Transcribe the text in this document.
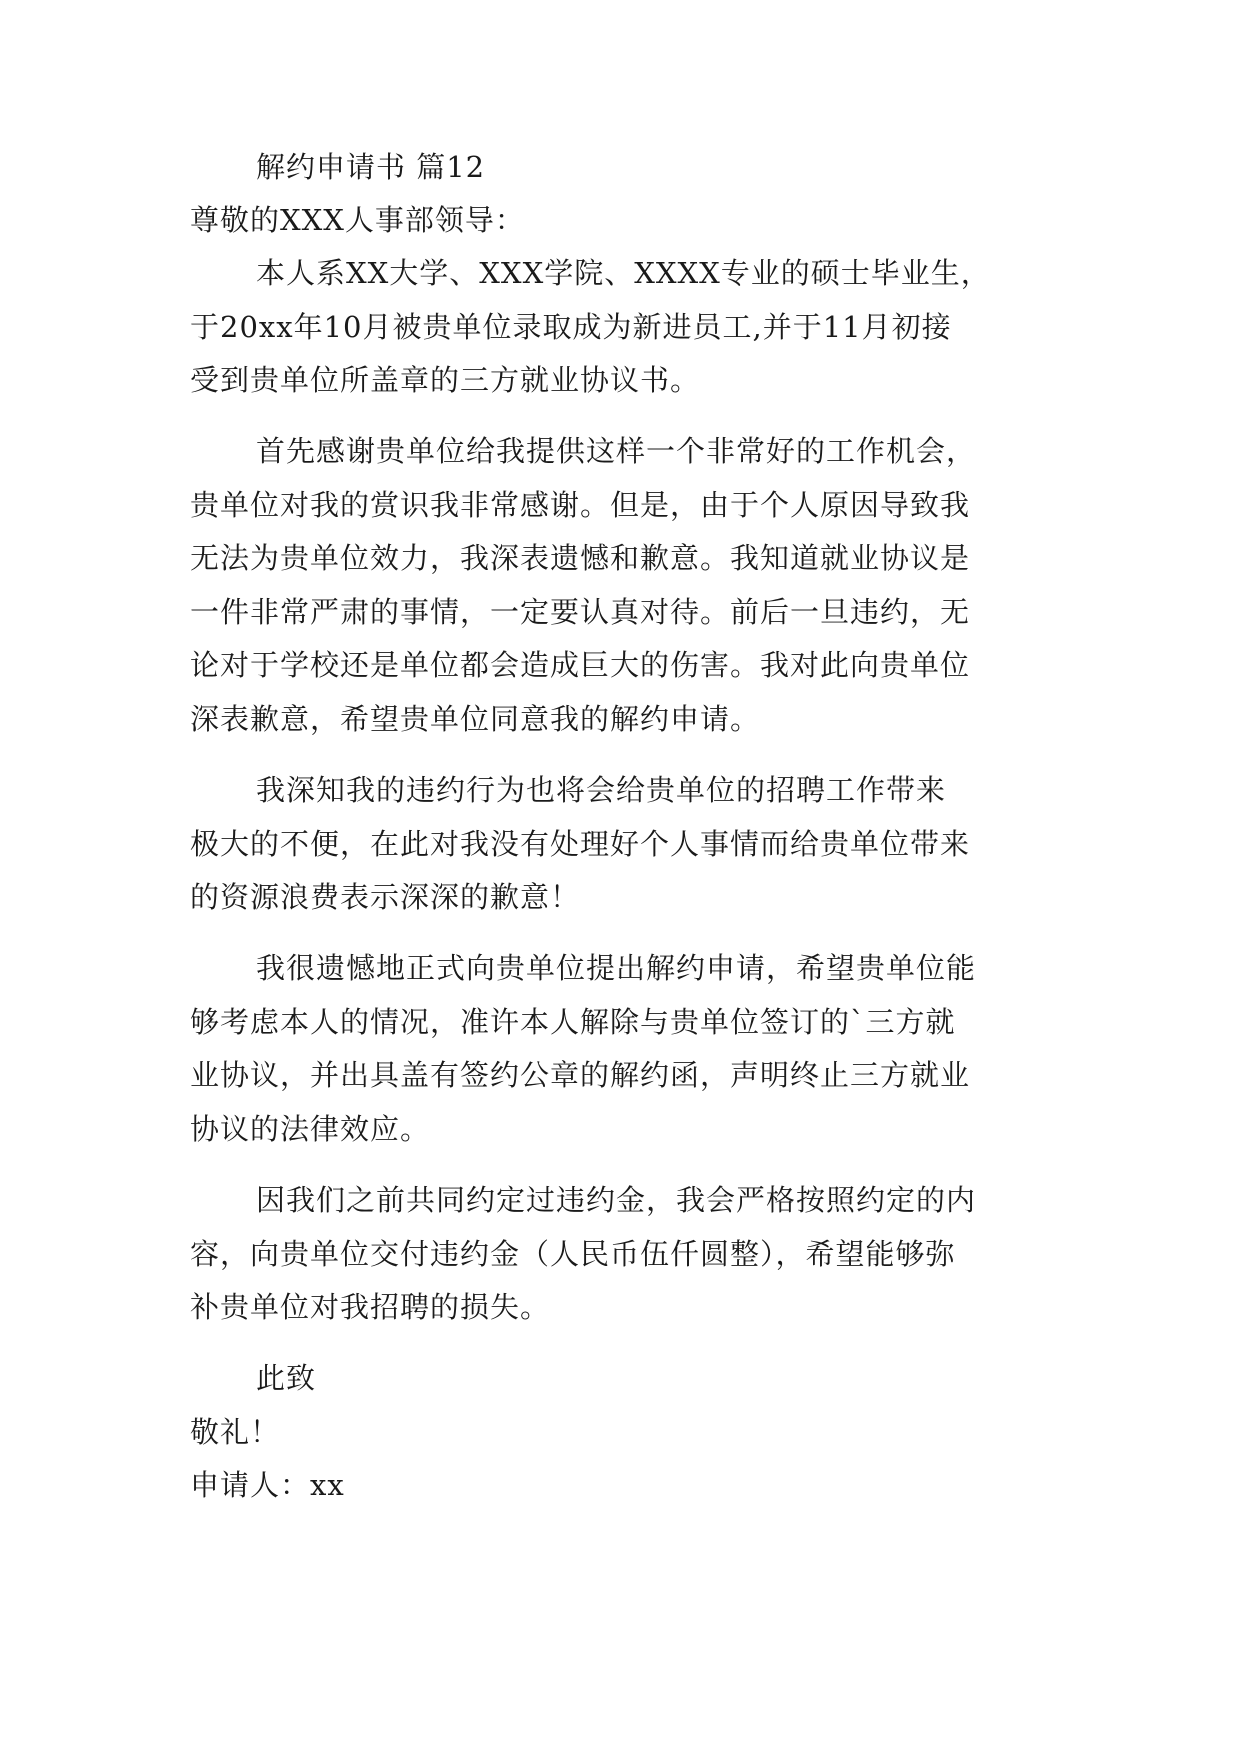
解约申请书 篇12
尊敬的XXX人事部领导：
本人系XX大学、XXX学院、XXXX专业的硕士毕业生，
于20xx年10月被贵单位录取成为新进员工,并于11月初接
受到贵单位所盖章的三方就业协议书。
首先感谢贵单位给我提供这样一个非常好的工作机会，
贵单位对我的赏识我非常感谢。但是，由于个人原因导致我
无法为贵单位效力，我深表遗憾和歉意。我知道就业协议是
一件非常严肃的事情，一定要认真对待。前后一旦违约，无
论对于学校还是单位都会造成巨大的伤害。我对此向贵单位
深表歉意，希望贵单位同意我的解约申请。
我深知我的违约行为也将会给贵单位的招聘工作带来
极大的不便，在此对我没有处理好个人事情而给贵单位带来
的资源浪费表示深深的歉意！
我很遗憾地正式向贵单位提出解约申请，希望贵单位能
够考虑本人的情况，准许本人解除与贵单位签订的`三方就
业协议，并出具盖有签约公章的解约函，声明终止三方就业
协议的法律效应。
因我们之前共同约定过违约金，我会严格按照约定的内
容，向贵单位交付违约金（人民币伍仟圆整），希望能够弥
补贵单位对我招聘的损失。
此致
敬礼！
申请人：xx
